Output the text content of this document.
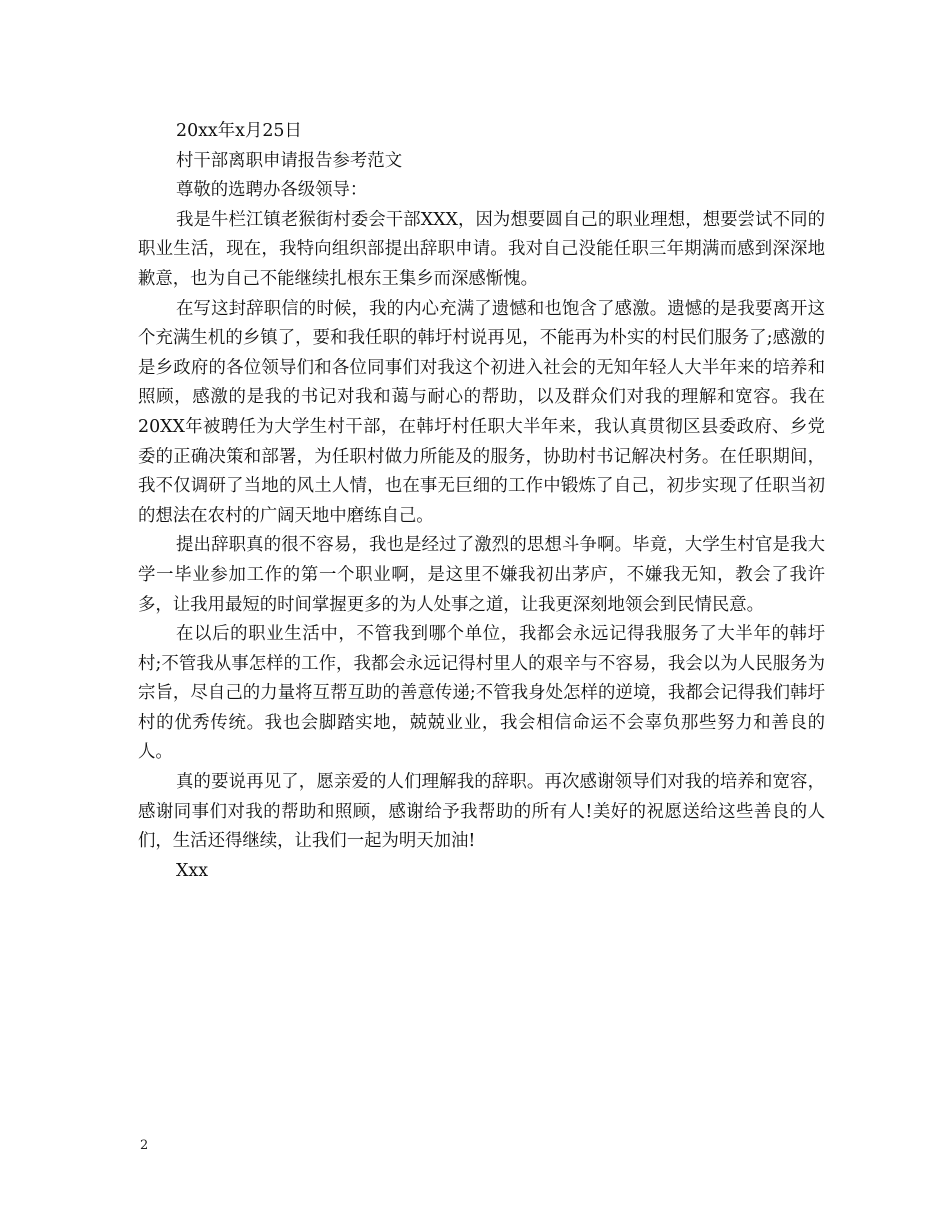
20xx年x月25日
村干部离职申请报告参考范文
尊敬的选聘办各级领导：

我是牛栏江镇老猴街村委会干部XXX，因为想要圆自己的职业理想，想要尝试不同的职业生活，现在，我特向组织部提出辞职申请。我对自己没能任职三年期满而感到深深地歉意，也为自己不能继续扎根东王集乡而深感惭愧。

在写这封辞职信的时候，我的内心充满了遗憾和也饱含了感激。遗憾的是我要离开这个充满生机的乡镇了，要和我任职的韩圩村说再见，不能再为朴实的村民们服务了;感激的是乡政府的各位领导们和各位同事们对我这个初进入社会的无知年轻人大半年来的培养和照顾，感激的是我的书记对我和蔼与耐心的帮助，以及群众们对我的理解和宽容。我在20XX年被聘任为大学生村干部，在韩圩村任职大半年来，我认真贯彻区县委政府、乡党委的正确决策和部署，为任职村做力所能及的服务，协助村书记解决村务。在任职期间，我不仅调研了当地的风土人情，也在事无巨细的工作中锻炼了自己，初步实现了任职当初的想法在农村的广阔天地中磨练自己。

提出辞职真的很不容易，我也是经过了激烈的思想斗争啊。毕竟，大学生村官是我大学一毕业参加工作的第一个职业啊，是这里不嫌我初出茅庐，不嫌我无知，教会了我许多，让我用最短的时间掌握更多的为人处事之道，让我更深刻地领会到民情民意。

在以后的职业生活中，不管我到哪个单位，我都会永远记得我服务了大半年的韩圩村;不管我从事怎样的工作，我都会永远记得村里人的艰辛与不容易，我会以为人民服务为宗旨，尽自己的力量将互帮互助的善意传递;不管我身处怎样的逆境，我都会记得我们韩圩村的优秀传统。我也会脚踏实地，兢兢业业，我会相信命运不会辜负那些努力和善良的人。

真的要说再见了，愿亲爱的人们理解我的辞职。再次感谢领导们对我的培养和宽容，感谢同事们对我的帮助和照顾，感谢给予我帮助的所有人!美好的祝愿送给这些善良的人们，生活还得继续，让我们一起为明天加油!

Xxx
2
